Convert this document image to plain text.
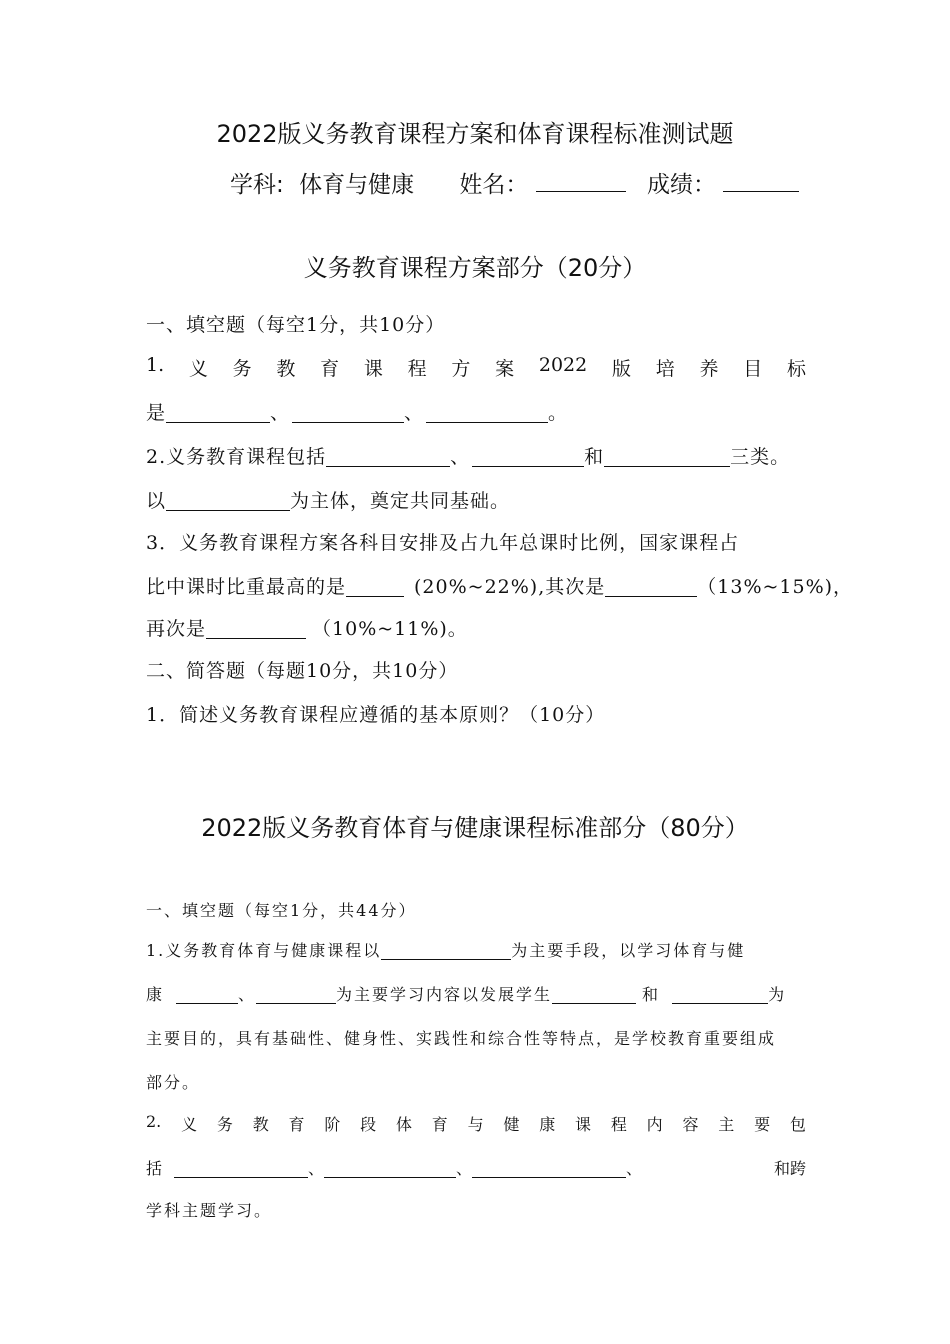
2022版义务教育课程方案和体育课程标准测试题
学科: 体育与健康 姓名：	成绩：
义务教育课程方案部分（20分）
一、填空题（每空1分，共10分）
1. 义 务 教 育 课 程 方 案 2022 版 培 养 目 标
是	、	、	。
2.义务教育课程包括	、	和	三类。
以	为主体，奠定共同基础。
3．义务教育课程方案各科目安排及占九年总课时比例，国家课程占
比中课时比重最高的是	(20%~22%),其次是	（13%~15%)，
再次是	（10%~11%)。
二、简答题（每题10分，共10分）
1．简述义务教育课程应遵循的基本原则？（10分）
2022版义务教育体育与健康课程标准部分（80分）
一、填空题（每空1分，共44分）
1.义务教育体育与健康课程以	为主要手段，以学习体育与健
康	、	为主要学习内容以发展学生	和	为
主要目的，具有基础性、健身性、实践性和综合性等特点，是学校教育重要组成
部分。
2. 义 务 教 育 阶 段 体 育 与 健 康 课 程 内 容 主 要 包
括	、	、	、	和跨
学科主题学习。
